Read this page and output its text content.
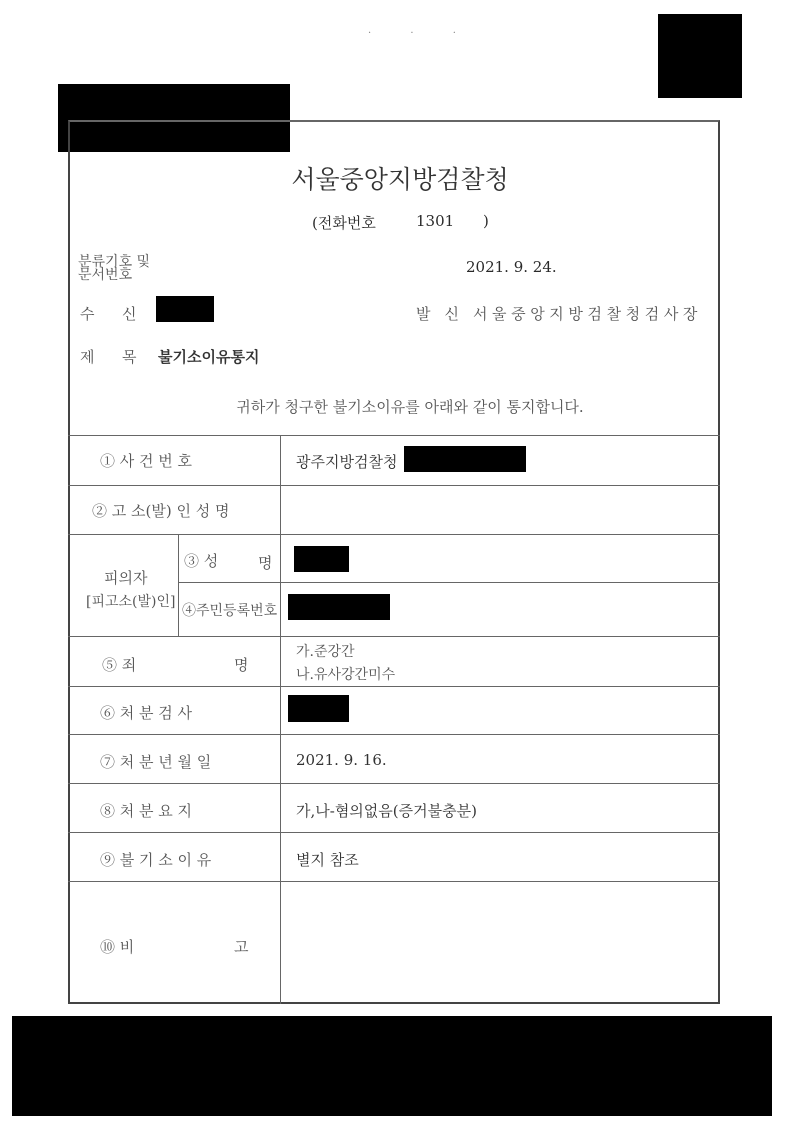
· · ·
서울중앙지방검찰청
(전화번호	1301 )
분류기호 및
문서번호	2021. 9. 24.
수 신	발 신 서울중앙지방검찰청검사장
제 목 불기소이유통지
귀하가 청구한 불기소이유를 아래와 같이 통지합니다.
① 사 건 번 호	광주지방검찰청
② 고 소(발) 인 성 명
피의자
[피고소(발)인]
③ 성	명
④주민등록번호
⑤ 죄	명
가.준강간
나.유사강간미수
⑥ 처 분 검 사
⑦ 처 분 년 월 일	2021. 9. 16.
⑧ 처 분 요 지	가,나-혐의없음(증거불충분)
⑨ 불 기 소 이 유	별지 참조
⑩ 비	고
